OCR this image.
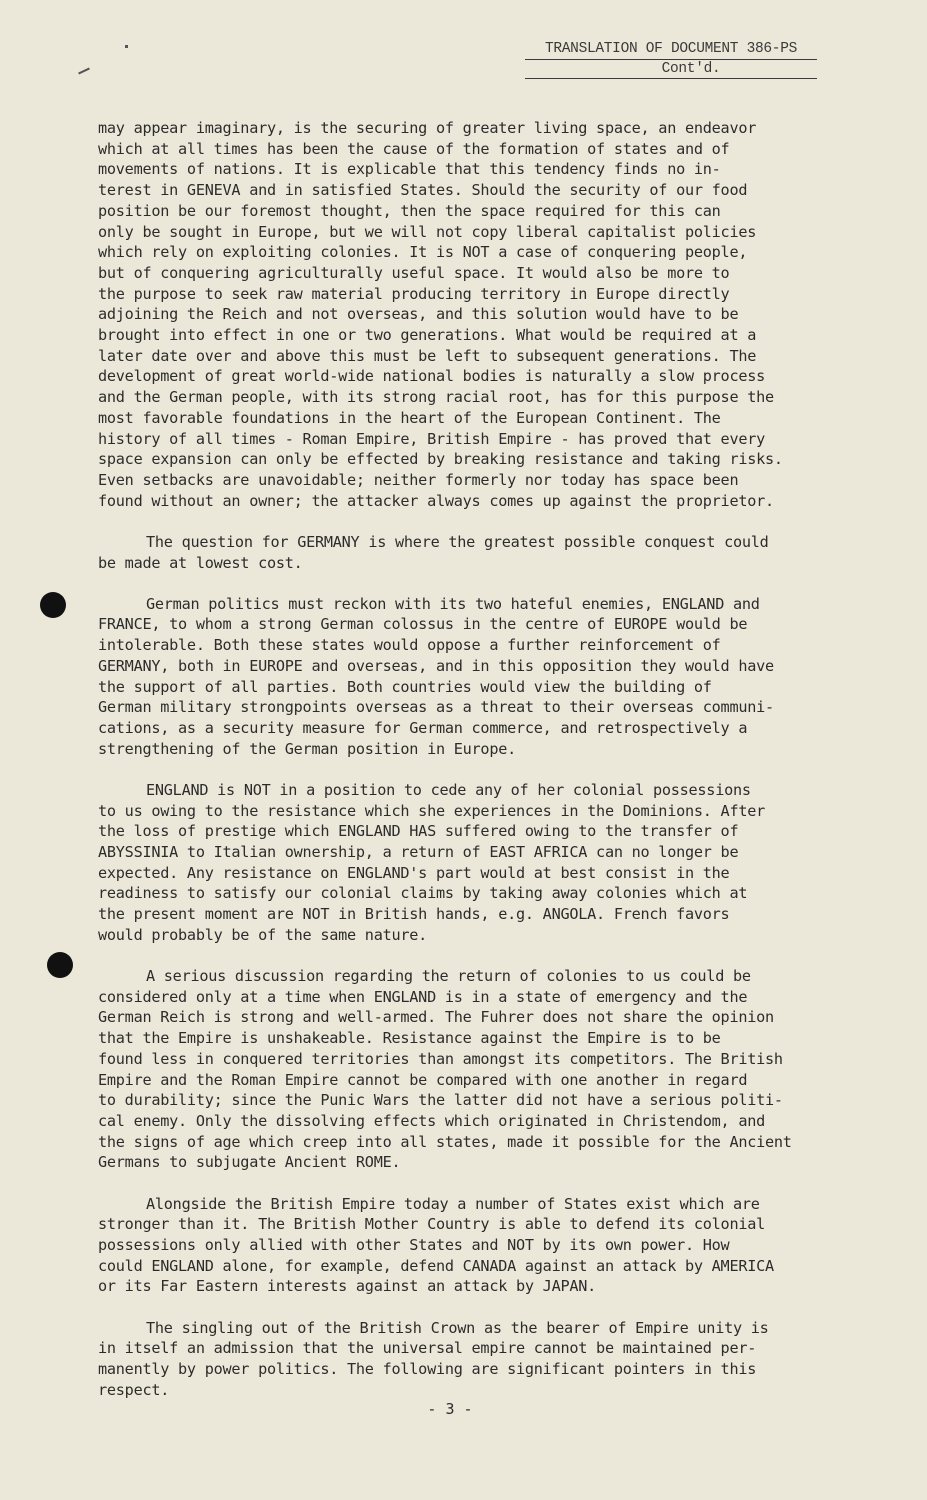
TRANSLATION OF DOCUMENT 386-PS
Cont'd.

may appear imaginary, is the securing of greater living space, an endeavor
which at all times has been the cause of the formation of states and of
movements of nations. It is explicable that this tendency finds no in-
terest in GENEVA and in satisfied States. Should the security of our food
position be our foremost thought, then the space required for this can
only be sought in Europe, but we will not copy liberal capitalist policies
which rely on exploiting colonies. It is NOT a case of conquering people,
but of conquering agriculturally useful space. It would also be more to
the purpose to seek raw material producing territory in Europe directly
adjoining the Reich and not overseas, and this solution would have to be
brought into effect in one or two generations. What would be required at a
later date over and above this must be left to subsequent generations. The
development of great world-wide national bodies is naturally a slow process
and the German people, with its strong racial root, has for this purpose the
most favorable foundations in the heart of the European Continent. The
history of all times - Roman Empire, British Empire - has proved that every
space expansion can only be effected by breaking resistance and taking risks.
Even setbacks are unavoidable; neither formerly nor today has space been
found without an owner; the attacker always comes up against the proprietor.

The question for GERMANY is where the greatest possible conquest could
be made at lowest cost.

German politics must reckon with its two hateful enemies, ENGLAND and
FRANCE, to whom a strong German colossus in the centre of EUROPE would be
intolerable. Both these states would oppose a further reinforcement of
GERMANY, both in EUROPE and overseas, and in this opposition they would have
the support of all parties. Both countries would view the building of
German military strongpoints overseas as a threat to their overseas communi-
cations, as a security measure for German commerce, and retrospectively a
strengthening of the German position in Europe.

ENGLAND is NOT in a position to cede any of her colonial possessions
to us owing to the resistance which she experiences in the Dominions. After
the loss of prestige which ENGLAND HAS suffered owing to the transfer of
ABYSSINIA to Italian ownership, a return of EAST AFRICA can no longer be
expected. Any resistance on ENGLAND's part would at best consist in the
readiness to satisfy our colonial claims by taking away colonies which at
the present moment are NOT in British hands, e.g. ANGOLA. French favors
would probably be of the same nature.

A serious discussion regarding the return of colonies to us could be
considered only at a time when ENGLAND is in a state of emergency and the
German Reich is strong and well-armed. The Fuhrer does not share the opinion
that the Empire is unshakeable. Resistance against the Empire is to be
found less in conquered territories than amongst its competitors. The British
Empire and the Roman Empire cannot be compared with one another in regard
to durability; since the Punic Wars the latter did not have a serious politi-
cal enemy. Only the dissolving effects which originated in Christendom, and
the signs of age which creep into all states, made it possible for the Ancient
Germans to subjugate Ancient ROME.

Alongside the British Empire today a number of States exist which are
stronger than it. The British Mother Country is able to defend its colonial
possessions only allied with other States and NOT by its own power. How
could ENGLAND alone, for example, defend CANADA against an attack by AMERICA
or its Far Eastern interests against an attack by JAPAN.

The singling out of the British Crown as the bearer of Empire unity is
in itself an admission that the universal empire cannot be maintained per-
manently by power politics. The following are significant pointers in this
respect.

- 3 -
